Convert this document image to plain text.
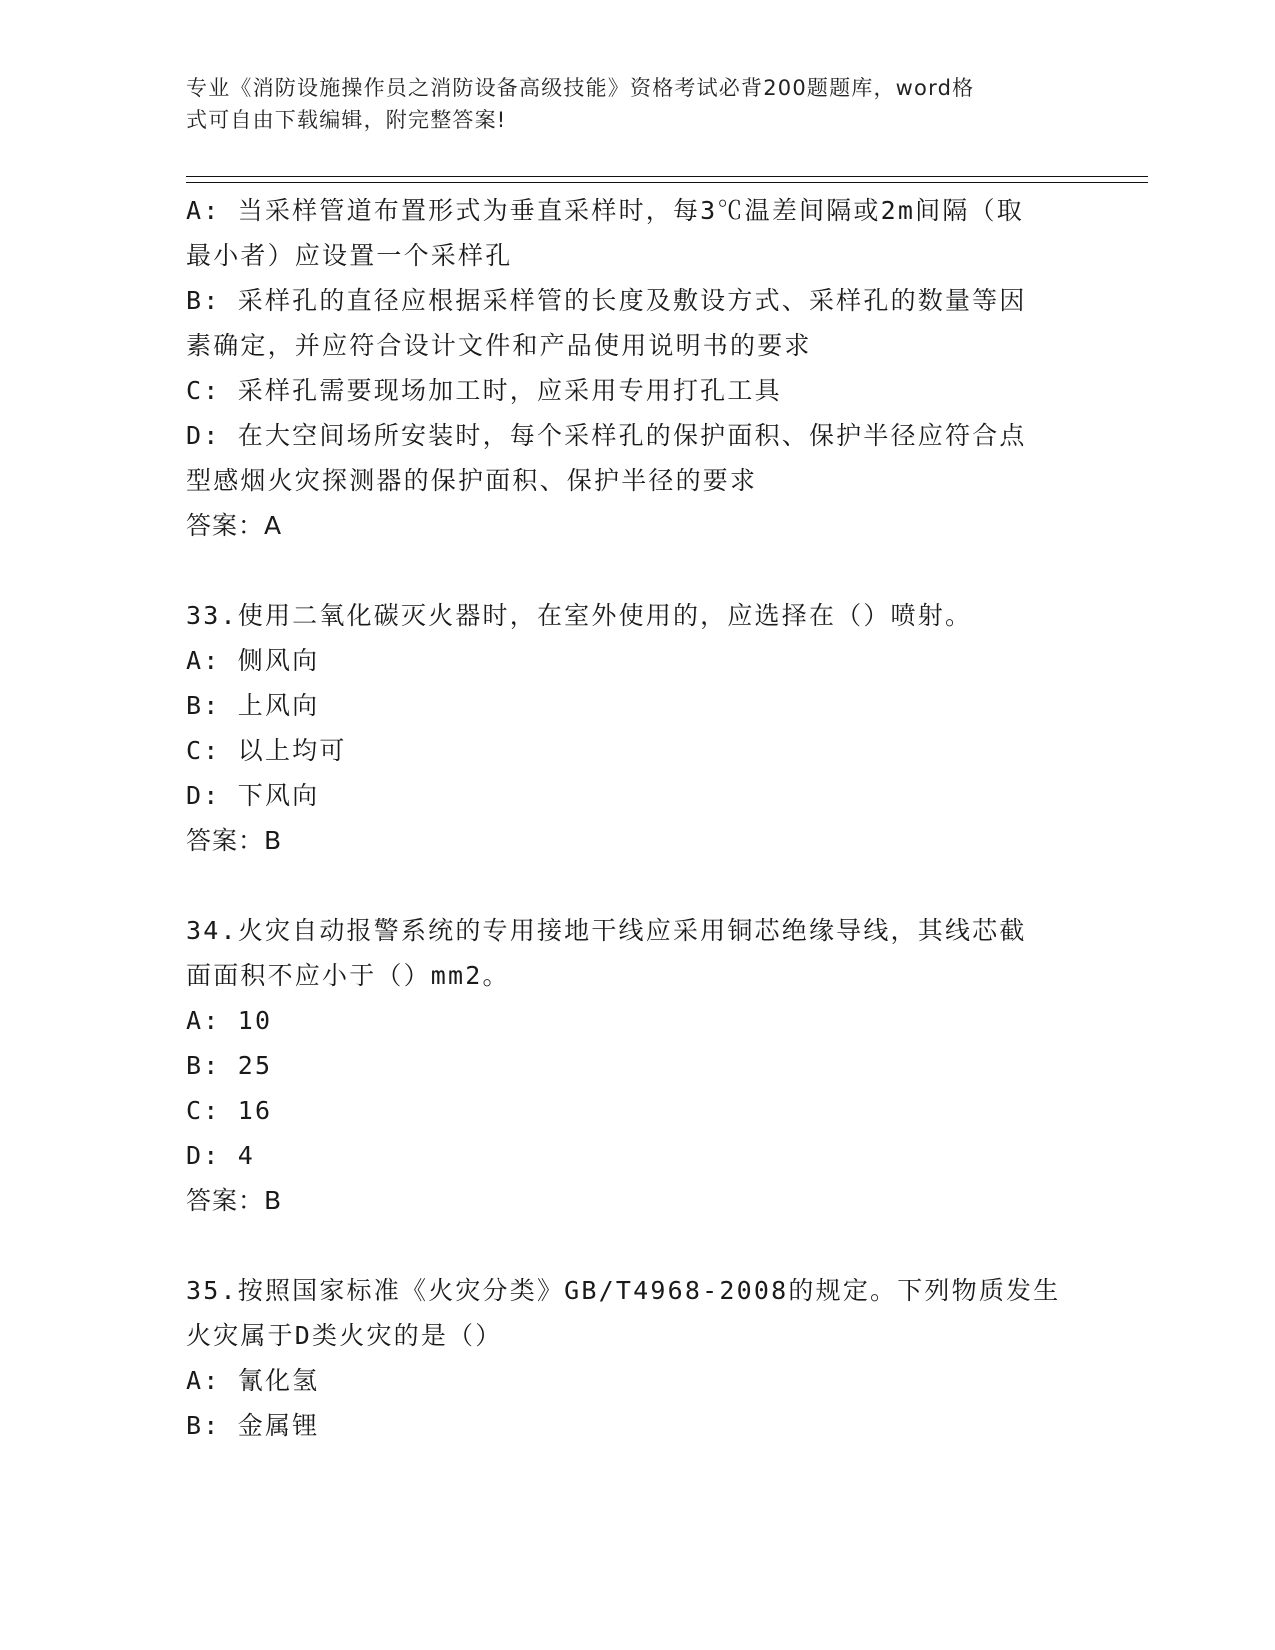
专业《消防设施操作员之消防设备高级技能》资格考试必背200题题库，word格
式可自由下载编辑，附完整答案!

A: 当采样管道布置形式为垂直采样时，每3℃温差间隔或2m间隔（取

最小者）应设置一个采样孔

B: 采样孔的直径应根据采样管的长度及敷设方式、采样孔的数量等因

素确定，并应符合设计文件和产品使用说明书的要求

C: 采样孔需要现场加工时，应采用专用打孔工具

D: 在大空间场所安装时，每个采样孔的保护面积、保护半径应符合点

型感烟火灾探测器的保护面积、保护半径的要求

答案：A

33.使用二氧化碳灭火器时，在室外使用的，应选择在（）喷射。

A: 侧风向

B: 上风向

C: 以上均可

D: 下风向

答案：B

34.火灾自动报警系统的专用接地干线应采用铜芯绝缘导线，其线芯截

面面积不应小于（）mm2。

A: 10

B: 25

C: 16

D: 4

答案：B

35.按照国家标准《火灾分类》GB/T4968-2008的规定。下列物质发生

火灾属于D类火灾的是（）

A: 氰化氢

B: 金属锂
